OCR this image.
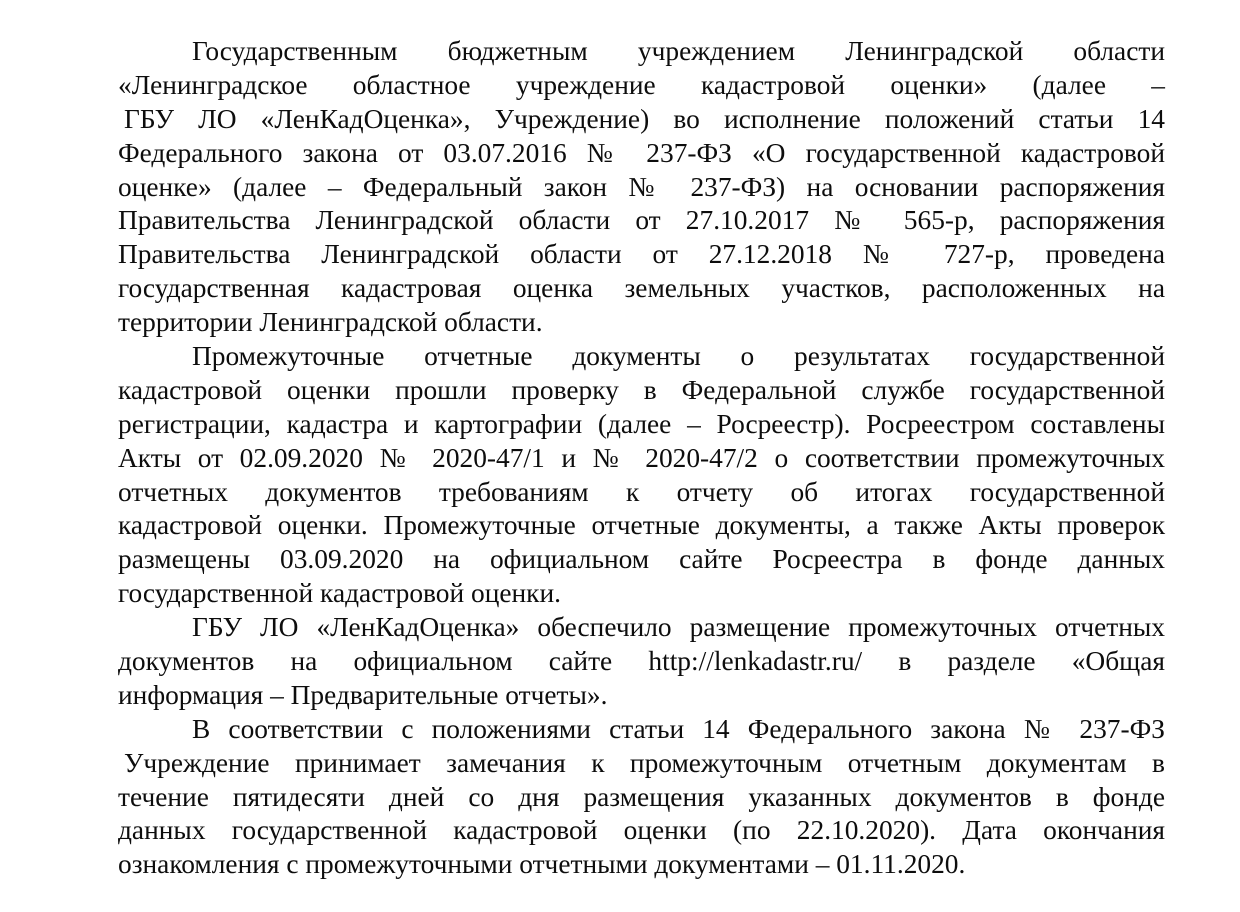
Государственным бюджетным учреждением Ленинградской области
«Ленинградское областное учреждение кадастровой оценки» (далее –
ГБУ ЛО «ЛенКадОценка», Учреждение) во исполнение положений статьи 14
Федерального закона от 03.07.2016 № 237-ФЗ «О государственной кадастровой
оценке» (далее – Федеральный закон № 237-ФЗ) на основании распоряжения
Правительства Ленинградской области от 27.10.2017 № 565-р, распоряжения
Правительства Ленинградской области от 27.12.2018 № 727-р, проведена
государственная кадастровая оценка земельных участков, расположенных на
территории Ленинградской области.
Промежуточные отчетные документы о результатах государственной
кадастровой оценки прошли проверку в Федеральной службе государственной
регистрации, кадастра и картографии (далее – Росреестр). Росреестром составлены
Акты от 02.09.2020 № 2020-47/1 и № 2020-47/2 о соответствии промежуточных
отчетных документов требованиям к отчету об итогах государственной
кадастровой оценки. Промежуточные отчетные документы, а также Акты проверок
размещены 03.09.2020 на официальном сайте Росреестра в фонде данных
государственной кадастровой оценки.
ГБУ ЛО «ЛенКадОценка» обеспечило размещение промежуточных отчетных
документов на официальном сайте http://lenkadastr.ru/ в разделе «Общая
информация – Предварительные отчеты».
В соответствии с положениями статьи 14 Федерального закона № 237-ФЗ
Учреждение принимает замечания к промежуточным отчетным документам в
течение пятидесяти дней со дня размещения указанных документов в фонде
данных государственной кадастровой оценки (по 22.10.2020). Дата окончания
ознакомления с промежуточными отчетными документами – 01.11.2020.
